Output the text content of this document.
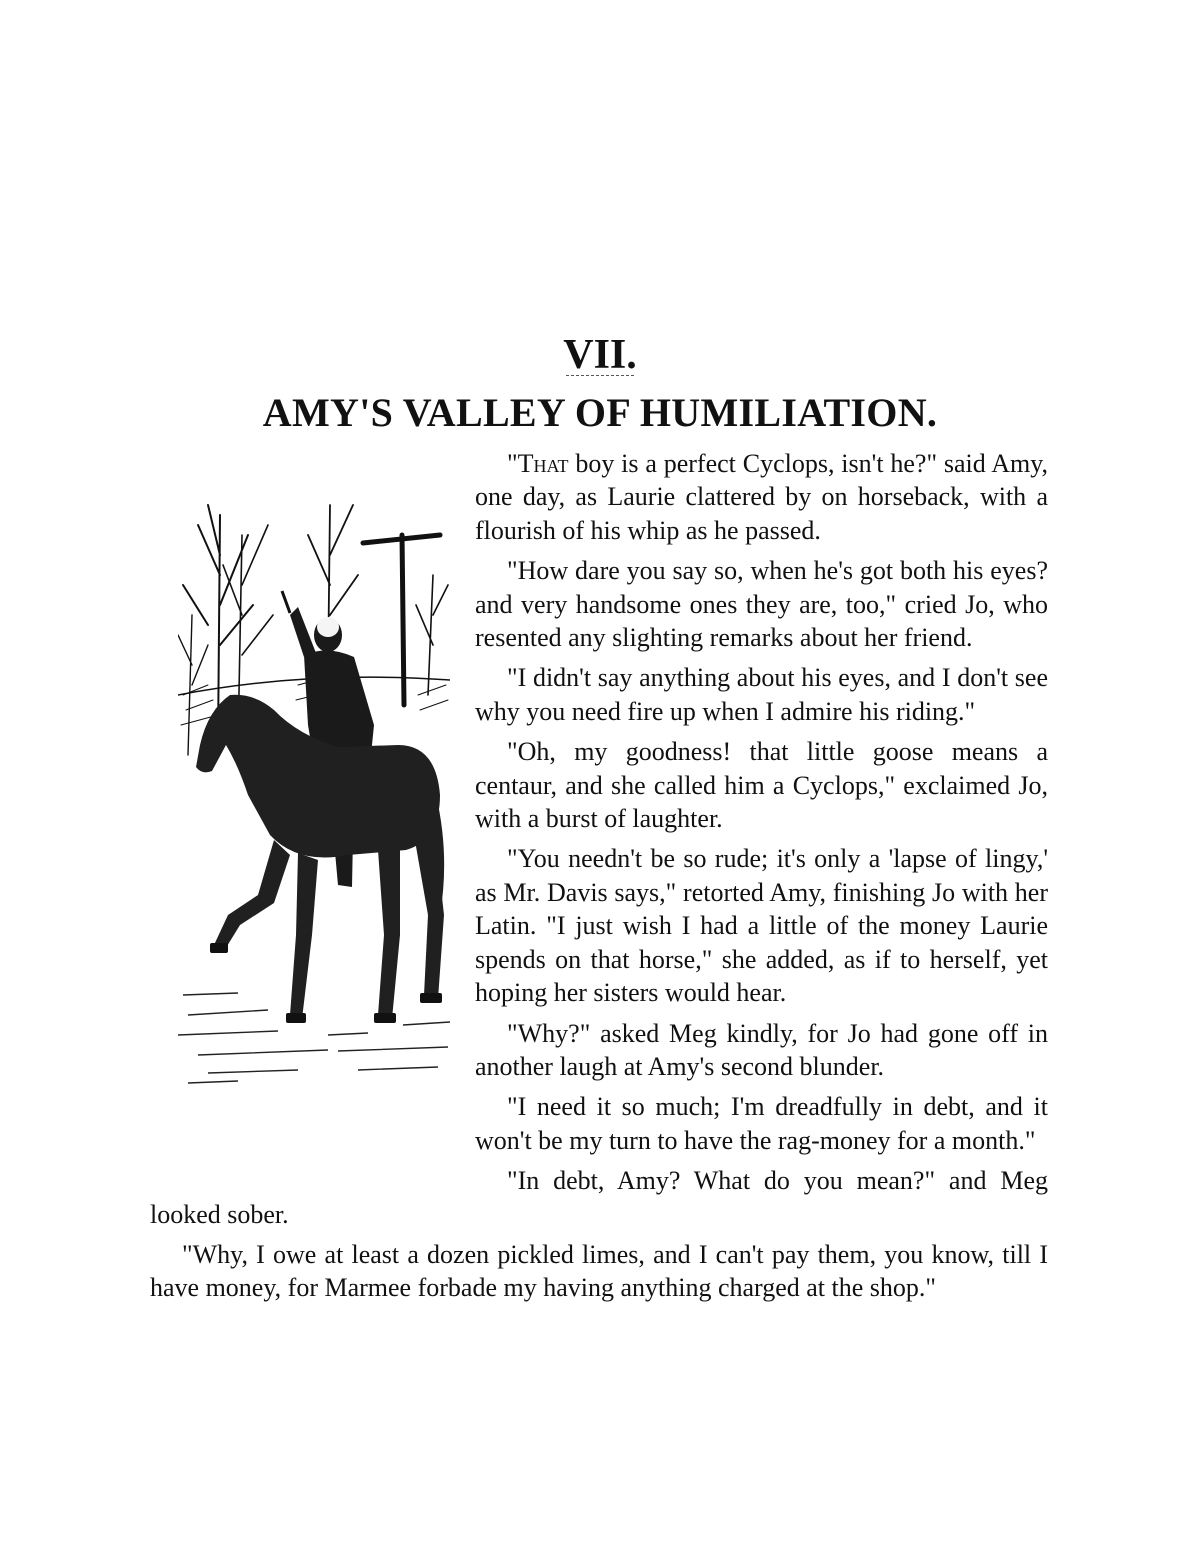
VII.
AMY'S VALLEY OF HUMILIATION.

"That boy is a perfect Cyclops, isn't he?" said Amy, one day, as Laurie clattered by on horseback, with a flourish of his whip as he passed.

"How dare you say so, when he's got both his eyes? and very handsome ones they are, too," cried Jo, who resented any slighting remarks about her friend.

"I didn't say anything about his eyes, and I don't see why you need fire up when I admire his riding."

"Oh, my goodness! that little goose means a centaur, and she called him a Cyclops," exclaimed Jo, with a burst of laughter.

"You needn't be so rude; it's only a 'lapse of lingy,' as Mr. Davis says," retorted Amy, finishing Jo with her Latin. "I just wish I had a little of the money Laurie spends on that horse," she added, as if to herself, yet hoping her sisters would hear.

"Why?" asked Meg kindly, for Jo had gone off in another laugh at Amy's second blunder.

"I need it so much; I'm dreadfully in debt, and it won't be my turn to have the rag-money for a month."

"In debt, Amy? What do you mean?" and Meg looked sober.

"Why, I owe at least a dozen pickled limes, and I can't pay them, you know, till I have money, for Marmee forbade my having anything charged at the shop."
